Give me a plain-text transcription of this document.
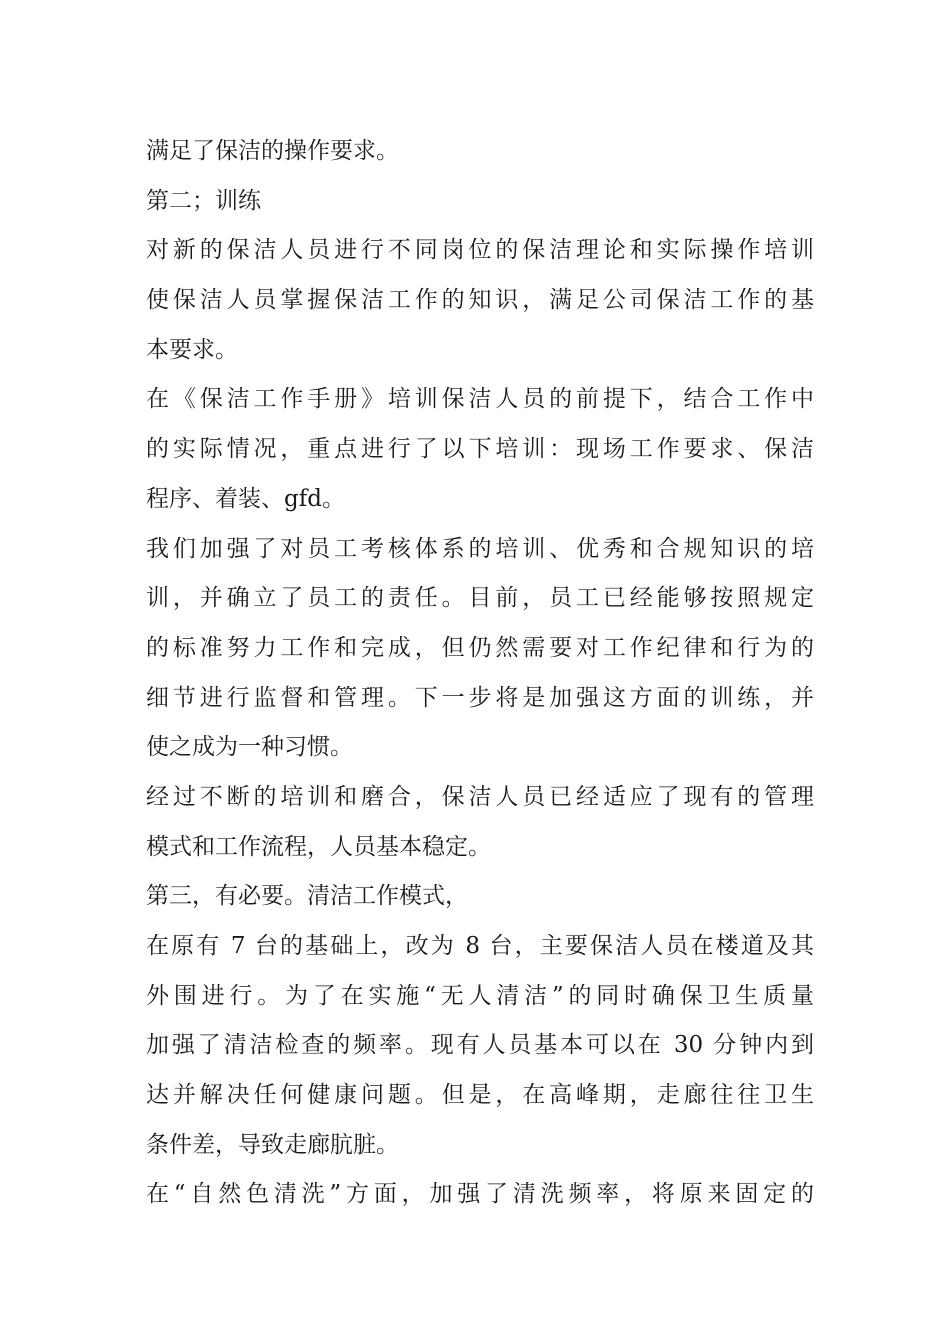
满足了保洁的操作要求。
第二；训练
对新的保洁人员进行不同岗位的保洁理论和实际操作培训
使保洁人员掌握保洁工作的知识，满足公司保洁工作的基
本要求。
在《保洁工作手册》培训保洁人员的前提下，结合工作中
的实际情况，重点进行了以下培训：现场工作要求、保洁
程序、着装、gfd。
我们加强了对员工考核体系的培训、优秀和合规知识的培
训，并确立了员工的责任。目前，员工已经能够按照规定
的标准努力工作和完成，但仍然需要对工作纪律和行为的
细节进行监督和管理。下一步将是加强这方面的训练，并
使之成为一种习惯。
经过不断的培训和磨合，保洁人员已经适应了现有的管理
模式和工作流程，人员基本稳定。
第三，有必要。清洁工作模式，
在原有 7 台的基础上，改为 8 台，主要保洁人员在楼道及其
外围进行。为了在实施“无人清洁”的同时确保卫生质量
加强了清洁检查的频率。现有人员基本可以在 30 分钟内到
达并解决任何健康问题。但是，在高峰期，走廊往往卫生
条件差，导致走廊肮脏。
在“自然色清洗”方面，加强了清洗频率，将原来固定的
